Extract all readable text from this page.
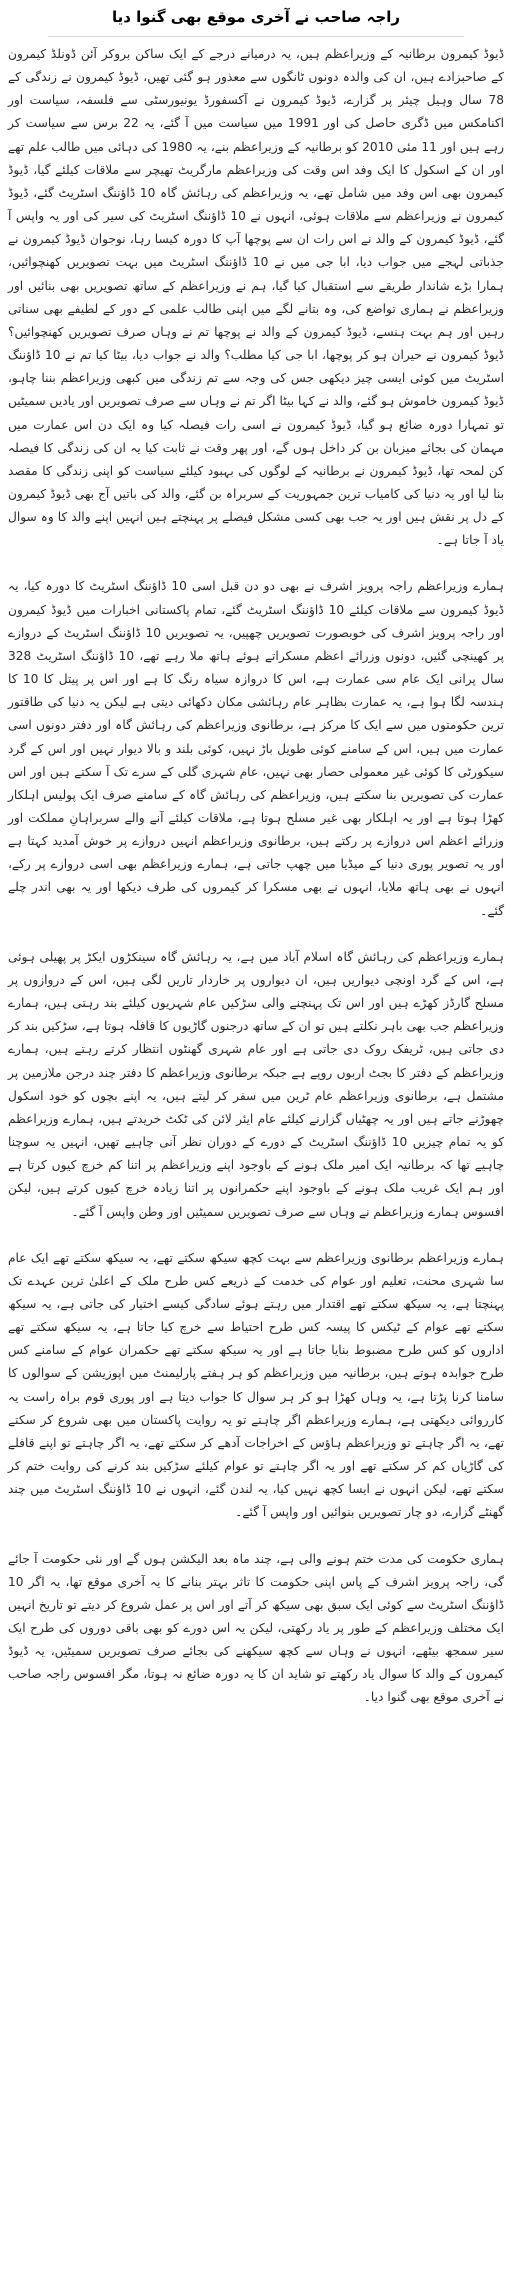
راجہ صاحب نے آخری موقع بھی گنوا دیا

ڈیوڈ کیمرون برطانیہ کے وزیراعظم ہیں، یہ درمیانے درجے کے ایک ساکن بروکر آئن ڈونلڈ کیمرون کے صاحبزادے ہیں، ان کی والدہ دونوں ٹانگوں سے معذور ہو گئی تھیں، ڈیوڈ کیمرون نے زندگی کے 78 سال وہیل چیئر پر گزارے، ڈیوڈ کیمرون نے آکسفورڈ یونیورسٹی سے فلسفہ، سیاست اور اکنامکس میں ڈگری حاصل کی اور 1991 میں سیاست میں آ گئے، یہ 22 برس سے سیاست کر رہے ہیں اور 11 مئی 2010 کو برطانیہ کے وزیراعظم بنے، یہ 1980 کی دہائی میں طالب علم تھے اور ان کے اسکول کا ایک وفد اس وقت کی وزیراعظم مارگریٹ تھیچر سے ملاقات کیلئے گیا، ڈیوڈ کیمرون بھی اس وفد میں شامل تھے، یہ وزیراعظم کی رہائش گاہ 10 ڈاؤننگ اسٹریٹ گئے، ڈیوڈ کیمرون نے وزیراعظم سے ملاقات ہوئی، انہوں نے 10 ڈاؤننگ اسٹریٹ کی سیر کی اور یہ واپس آ گئے، ڈیوڈ کیمرون کے والد نے اس رات ان سے پوچھا آپ کا دورہ کیسا رہا، نوجوان ڈیوڈ کیمرون نے جذباتی لہجے میں جواب دیا، ابا جی میں نے 10 ڈاؤننگ اسٹریٹ میں بہت تصویریں کھنچوائیں، ہمارا بڑے شاندار طریقے سے استقبال کیا گیا، ہم نے وزیراعظم کے ساتھ تصویریں بھی بنائیں اور وزیراعظم نے ہماری تواضع کی، وہ بتانے لگے میں اپنی طالب علمی کے دور کے لطیفے بھی سناتی رہیں اور ہم بہت ہنسے، ڈیوڈ کیمرون کے والد نے پوچھا تم نے وہاں صرف تصویریں کھنچوائیں؟ ڈیوڈ کیمرون نے حیران ہو کر پوچھا، ابا جی کیا مطلب؟ والد نے جواب دیا، بیٹا کیا تم نے 10 ڈاؤننگ اسٹریٹ میں کوئی ایسی چیز دیکھی جس کی وجہ سے تم زندگی میں کبھی وزیراعظم بننا چاہو، ڈیوڈ کیمرون خاموش ہو گئے، والد نے کہا بیٹا اگر تم نے وہاں سے صرف تصویریں اور یادیں سمیٹیں تو تمہارا دورہ ضائع ہو گیا، ڈیوڈ کیمرون نے اسی رات فیصلہ کیا وہ ایک دن اس عمارت میں مہمان کی بجائے میزبان بن کر داخل ہوں گے، اور پھر وقت نے ثابت کیا یہ ان کی زندگی کا فیصلہ کن لمحہ تھا، ڈیوڈ کیمرون نے برطانیہ کے لوگوں کی بہبود کیلئے سیاست کو اپنی زندگی کا مقصد بنا لیا اور یہ دنیا کی کامیاب ترین جمہوریت کے سربراہ بن گئے، والد کی باتیں آج بھی ڈیوڈ کیمرون کے دل پر نقش ہیں اور یہ جب بھی کسی مشکل فیصلے پر پہنچتے ہیں انہیں اپنے والد کا وہ سوال یاد آ جاتا ہے۔

ہمارے وزیراعظم راجہ پرویز اشرف نے بھی دو دن قبل اسی 10 ڈاؤننگ اسٹریٹ کا دورہ کیا، یہ ڈیوڈ کیمرون سے ملاقات کیلئے 10 ڈاؤننگ اسٹریٹ گئے، تمام پاکستانی اخبارات میں ڈیوڈ کیمرون اور راجہ پرویز اشرف کی خوبصورت تصویریں چھپیں، یہ تصویریں 10 ڈاؤننگ اسٹریٹ کے دروازے پر کھینچی گئیں، دونوں وزرائے اعظم مسکراتے ہوئے ہاتھ ملا رہے تھے، 10 ڈاؤننگ اسٹریٹ 328 سال پرانی ایک عام سی عمارت ہے، اس کا دروازہ سیاہ رنگ کا ہے اور اس پر پیتل کا 10 کا ہندسہ لگا ہوا ہے، یہ عمارت بظاہر عام رہائشی مکان دکھائی دیتی ہے لیکن یہ دنیا کی طاقتور ترین حکومتوں میں سے ایک کا مرکز ہے، برطانوی وزیراعظم کی رہائش گاہ اور دفتر دونوں اسی عمارت میں ہیں، اس کے سامنے کوئی طویل باڑ نہیں، کوئی بلند و بالا دیوار نہیں اور اس کے گرد سیکورٹی کا کوئی غیر معمولی حصار بھی نہیں، عام شہری گلی کے سرے تک آ سکتے ہیں اور اس عمارت کی تصویریں بنا سکتے ہیں، وزیراعظم کی رہائش گاہ کے سامنے صرف ایک پولیس اہلکار کھڑا ہوتا ہے اور یہ اہلکار بھی غیر مسلح ہوتا ہے، ملاقات کیلئے آنے والے سربراہانِ مملکت اور وزرائے اعظم اس دروازے پر رکتے ہیں، برطانوی وزیراعظم انہیں دروازے پر خوش آمدید کہتا ہے اور یہ تصویر پوری دنیا کے میڈیا میں چھپ جاتی ہے، ہمارے وزیراعظم بھی اسی دروازے پر رکے، انہوں نے بھی ہاتھ ملایا، انہوں نے بھی مسکرا کر کیمروں کی طرف دیکھا اور یہ بھی اندر چلے گئے۔

ہمارے وزیراعظم کی رہائش گاہ اسلام آباد میں ہے، یہ رہائش گاہ سینکڑوں ایکڑ پر پھیلی ہوئی ہے، اس کے گرد اونچی دیواریں ہیں، ان دیواروں پر خاردار تاریں لگی ہیں، اس کے دروازوں پر مسلح گارڈز کھڑے ہیں اور اس تک پہنچنے والی سڑکیں عام شہریوں کیلئے بند رہتی ہیں، ہمارے وزیراعظم جب بھی باہر نکلتے ہیں تو ان کے ساتھ درجنوں گاڑیوں کا قافلہ ہوتا ہے، سڑکیں بند کر دی جاتی ہیں، ٹریفک روک دی جاتی ہے اور عام شہری گھنٹوں انتظار کرتے رہتے ہیں، ہمارے وزیراعظم کے دفتر کا بجٹ اربوں روپے ہے جبکہ برطانوی وزیراعظم کا دفتر چند درجن ملازمین پر مشتمل ہے، برطانوی وزیراعظم عام ٹرین میں سفر کر لیتے ہیں، یہ اپنے بچوں کو خود اسکول چھوڑنے جاتے ہیں اور یہ چھٹیاں گزارنے کیلئے عام ایئر لائن کی ٹکٹ خریدتے ہیں، ہمارے وزیراعظم کو یہ تمام چیزیں 10 ڈاؤننگ اسٹریٹ کے دورے کے دوران نظر آنی چاہیے تھیں، انہیں یہ سوچنا چاہیے تھا کہ برطانیہ ایک امیر ملک ہونے کے باوجود اپنے وزیراعظم پر اتنا کم خرچ کیوں کرتا ہے اور ہم ایک غریب ملک ہونے کے باوجود اپنے حکمرانوں پر اتنا زیادہ خرچ کیوں کرتے ہیں، لیکن افسوس ہمارے وزیراعظم نے وہاں سے صرف تصویریں سمیٹیں اور وطن واپس آ گئے۔

ہمارے وزیراعظم برطانوی وزیراعظم سے بہت کچھ سیکھ سکتے تھے، یہ سیکھ سکتے تھے ایک عام سا شہری محنت، تعلیم اور عوام کی خدمت کے ذریعے کس طرح ملک کے اعلیٰ ترین عہدے تک پہنچتا ہے، یہ سیکھ سکتے تھے اقتدار میں رہتے ہوئے سادگی کیسے اختیار کی جاتی ہے، یہ سیکھ سکتے تھے عوام کے ٹیکس کا پیسہ کس طرح احتیاط سے خرچ کیا جاتا ہے، یہ سیکھ سکتے تھے اداروں کو کس طرح مضبوط بنایا جاتا ہے اور یہ سیکھ سکتے تھے حکمران عوام کے سامنے کس طرح جوابدہ ہوتے ہیں، برطانیہ میں وزیراعظم کو ہر ہفتے پارلیمنٹ میں اپوزیشن کے سوالوں کا سامنا کرنا پڑتا ہے، یہ وہاں کھڑا ہو کر ہر سوال کا جواب دیتا ہے اور پوری قوم براہ راست یہ کارروائی دیکھتی ہے، ہمارے وزیراعظم اگر چاہتے تو یہ روایت پاکستان میں بھی شروع کر سکتے تھے، یہ اگر چاہتے تو وزیراعظم ہاؤس کے اخراجات آدھے کر سکتے تھے، یہ اگر چاہتے تو اپنے قافلے کی گاڑیاں کم کر سکتے تھے اور یہ اگر چاہتے تو عوام کیلئے سڑکیں بند کرنے کی روایت ختم کر سکتے تھے، لیکن انہوں نے ایسا کچھ نہیں کیا، یہ لندن گئے، انہوں نے 10 ڈاؤننگ اسٹریٹ میں چند گھنٹے گزارے، دو چار تصویریں بنوائیں اور واپس آ گئے۔

ہماری حکومت کی مدت ختم ہونے والی ہے، چند ماہ بعد الیکشن ہوں گے اور نئی حکومت آ جائے گی، راجہ پرویز اشرف کے پاس اپنی حکومت کا تاثر بہتر بنانے کا یہ آخری موقع تھا، یہ اگر 10 ڈاؤننگ اسٹریٹ سے کوئی ایک سبق بھی سیکھ کر آتے اور اس پر عمل شروع کر دیتے تو تاریخ انہیں ایک مختلف وزیراعظم کے طور پر یاد رکھتی، لیکن یہ اس دورے کو بھی باقی دوروں کی طرح ایک سیر سمجھ بیٹھے، انہوں نے وہاں سے کچھ سیکھنے کی بجائے صرف تصویریں سمیٹیں، یہ ڈیوڈ کیمرون کے والد کا سوال یاد رکھتے تو شاید ان کا یہ دورہ ضائع نہ ہوتا، مگر افسوس راجہ صاحب نے آخری موقع بھی گنوا دیا۔
